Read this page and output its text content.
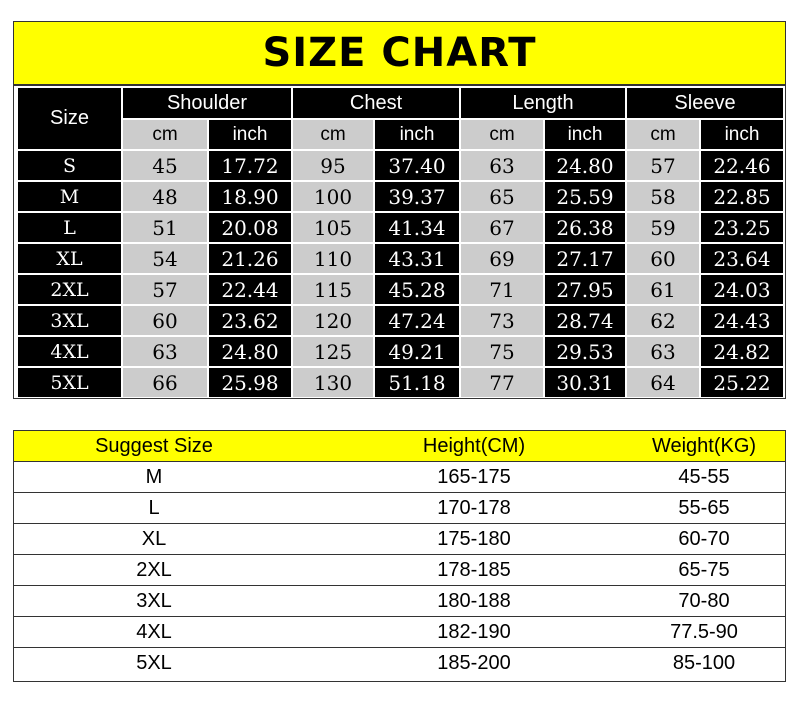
SIZE CHART
Size
Shoulder	Chest	Length	Sleeve
cm	inch	cm	inch	cm	inch	cm	inch
S	45	17.72	95	37.40	63	24.80	57	22.46
M	48	18.90	100	39.37	65	25.59	58	22.85
L	51	20.08	105	41.34	67	26.38	59	23.25
XL	54	21.26	110	43.31	69	27.17	60	23.64
2XL	57	22.44	115	45.28	71	27.95	61	24.03
3XL	60	23.62	120	47.24	73	28.74	62	24.43
4XL	63	24.80	125	49.21	75	29.53	63	24.82
5XL	66	25.98	130	51.18	77	30.31	64	25.22
Suggest Size	Height(CM)	Weight(KG)
M	165-175	45-55
L	170-178	55-65
XL	175-180	60-70
2XL	178-185	65-75
3XL	180-188	70-80
4XL	182-190	77.5-90
5XL	185-200	85-100
